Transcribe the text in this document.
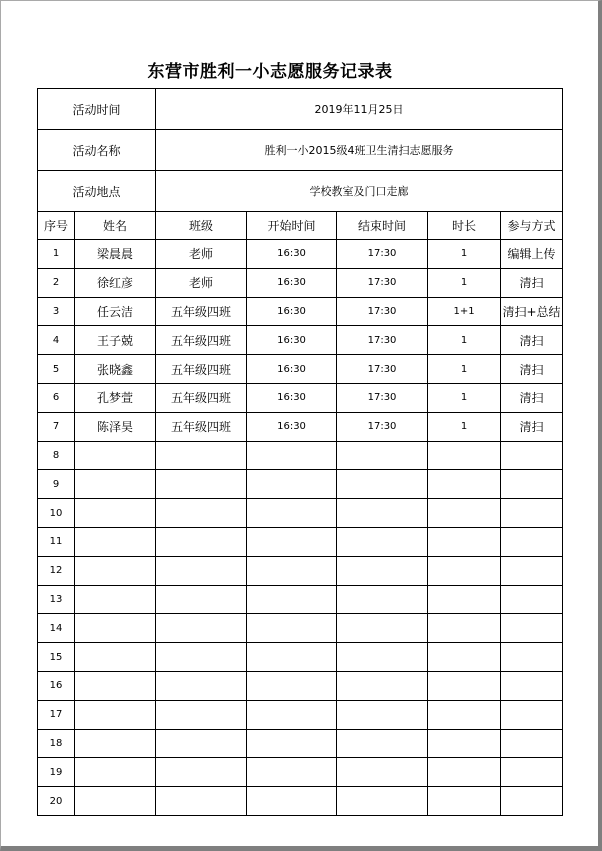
东营市胜利一小志愿服务记录表
活动时间		2019年11月25日				
活动名称		胜利一小2015级4班卫生清扫志愿服务				
活动地点		学校教室及门口走廊				
序号	姓名	班级	开始时间	结束时间	时长	参与方式
1	梁晨晨	老师	16:30	17:30	1	编辑上传
2	徐红彦	老师	16:30	17:30	1	清扫
3	任云洁	五年级四班	16:30	17:30	1+1	清扫+总结
4	王子兢	五年级四班	16:30	17:30	1	清扫
5	张晓鑫	五年级四班	16:30	17:30	1	清扫
6	孔梦萱	五年级四班	16:30	17:30	1	清扫
7	陈泽昊	五年级四班	16:30	17:30	1	清扫
8						
9						
10						
11						
12						
13						
14						
15						
16						
17						
18						
19						
20						
